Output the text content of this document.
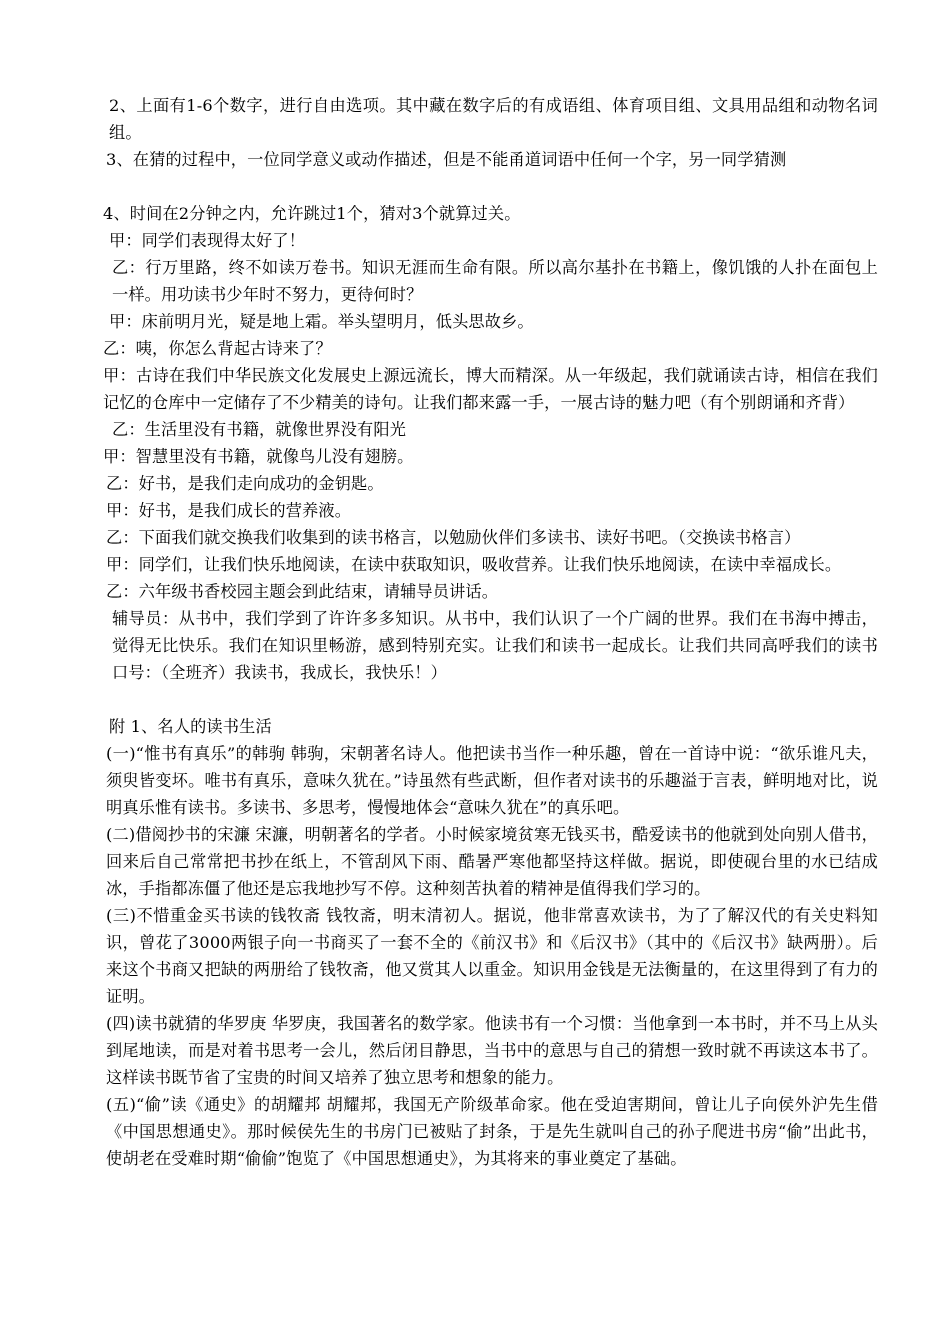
2、上面有1-6个数字，进行自由选项。其中藏在数字后的有成语组、体育项目组、文具用品组和动物名词组。

3、在猜的过程中，一位同学意义或动作描述，但是不能甬道词语中任何一个字，另一同学猜测

4、时间在2分钟之内，允许跳过1个，猜对3个就算过关。

甲：同学们表现得太好了！

乙：行万里路，终不如读万卷书。知识无涯而生命有限。所以高尔基扑在书籍上，像饥饿的人扑在面包上一样。用功读书少年时不努力，更待何时？

甲：床前明月光，疑是地上霜。举头望明月，低头思故乡。

乙：咦，你怎么背起古诗来了？

甲：古诗在我们中华民族文化发展史上源远流长，博大而精深。从一年级起，我们就诵读古诗，相信在我们记忆的仓库中一定储存了不少精美的诗句。让我们都来露一手，一展古诗的魅力吧（有个别朗诵和齐背）

乙：生活里没有书籍，就像世界没有阳光

甲：智慧里没有书籍，就像鸟儿没有翅膀。

乙：好书，是我们走向成功的金钥匙。

甲：好书，是我们成长的营养液。

乙：下面我们就交换我们收集到的读书格言，以勉励伙伴们多读书、读好书吧。（交换读书格言）

甲：同学们，让我们快乐地阅读，在读中获取知识，吸收营养。让我们快乐地阅读，在读中幸福成长。

乙：六年级书香校园主题会到此结束，请辅导员讲话。

辅导员：从书中，我们学到了许许多多知识。从书中，我们认识了一个广阔的世界。我们在书海中搏击，觉得无比快乐。我们在知识里畅游，感到特别充实。让我们和读书一起成长。让我们共同高呼我们的读书口号：（全班齐）我读书，我成长，我快乐！）

附 1、名人的读书生活

(一)“惟书有真乐”的韩驹 韩驹，宋朝著名诗人。他把读书当作一种乐趣，曾在一首诗中说：“欲乐谁凡夫，须臾皆变坏。唯书有真乐，意味久犹在。”诗虽然有些武断，但作者对读书的乐趣溢于言表，鲜明地对比，说明真乐惟有读书。多读书、多思考，慢慢地体会“意味久犹在”的真乐吧。

(二)借阅抄书的宋濂 宋濂，明朝著名的学者。小时候家境贫寒无钱买书，酷爱读书的他就到处向别人借书，回来后自己常常把书抄在纸上，不管刮风下雨、酷暑严寒他都坚持这样做。据说，即使砚台里的水已结成冰，手指都冻僵了他还是忘我地抄写不停。这种刻苦执着的精神是值得我们学习的。

(三)不惜重金买书读的钱牧斋 钱牧斋，明末清初人。据说，他非常喜欢读书，为了了解汉代的有关史料知识，曾花了3000两银子向一书商买了一套不全的《前汉书》和《后汉书》（其中的《后汉书》缺两册）。后来这个书商又把缺的两册给了钱牧斋，他又赏其人以重金。知识用金钱是无法衡量的，在这里得到了有力的证明。

(四)读书就猜的华罗庚 华罗庚，我国著名的数学家。他读书有一个习惯：当他拿到一本书时，并不马上从头到尾地读，而是对着书思考一会儿，然后闭目静思，当书中的意思与自己的猜想一致时就不再读这本书了。这样读书既节省了宝贵的时间又培养了独立思考和想象的能力。

(五)“偷”读《通史》的胡耀邦 胡耀邦，我国无产阶级革命家。他在受迫害期间，曾让儿子向侯外沪先生借《中国思想通史》。那时候侯先生的书房门已被贴了封条，于是先生就叫自己的孙子爬进书房“偷”出此书，使胡老在受难时期“偷偷”饱览了《中国思想通史》，为其将来的事业奠定了基础。
